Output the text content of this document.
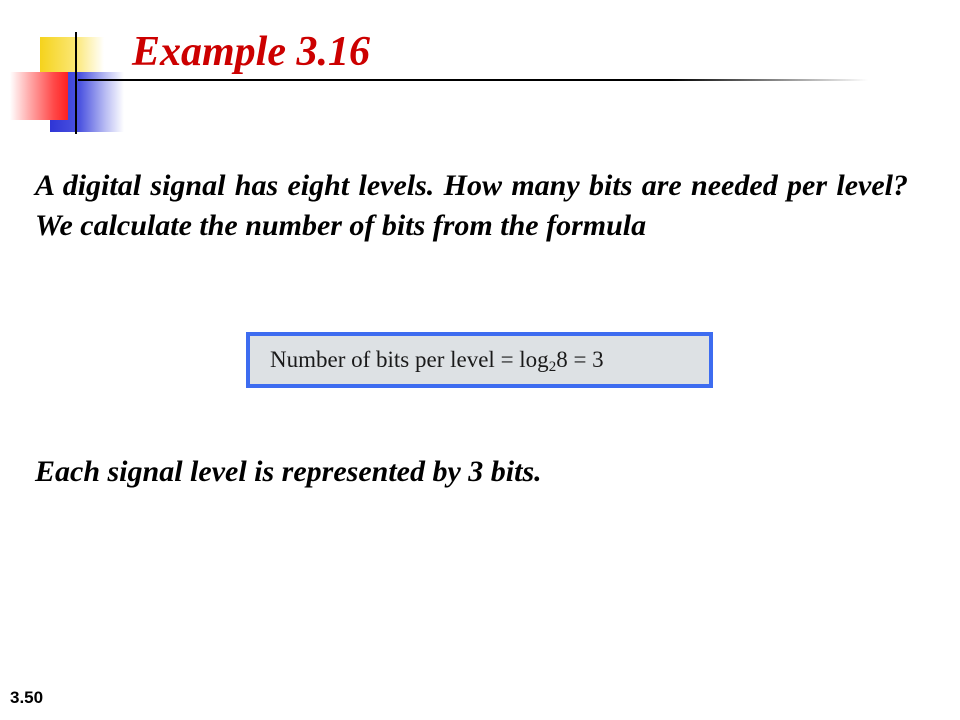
Example 3.16

A digital signal has eight levels. How many bits are needed per level? We calculate the number of bits from the formula

Number of bits per level = log 2 8 = 3

Each signal level is represented by 3 bits.

3.50
